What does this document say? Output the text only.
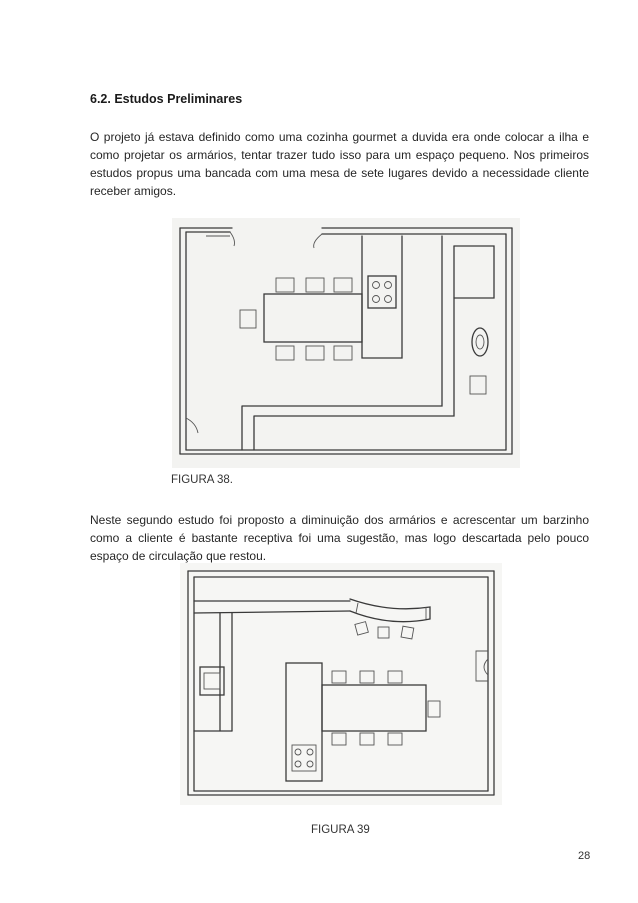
6.2. Estudos Preliminares

O projeto já estava definido como uma cozinha gourmet a duvida era onde colocar a ilha e como projetar os armários, tentar trazer tudo isso para um espaço pequeno. Nos primeiros estudos propus uma bancada com uma mesa de sete lugares devido a necessidade cliente receber amigos.

FIGURA 38.

Neste segundo estudo foi proposto a diminuição dos armários e acrescentar um barzinho como a cliente é bastante receptiva foi uma sugestão, mas logo descartada pelo pouco espaço de circulação que restou.

FIGURA 39
28
